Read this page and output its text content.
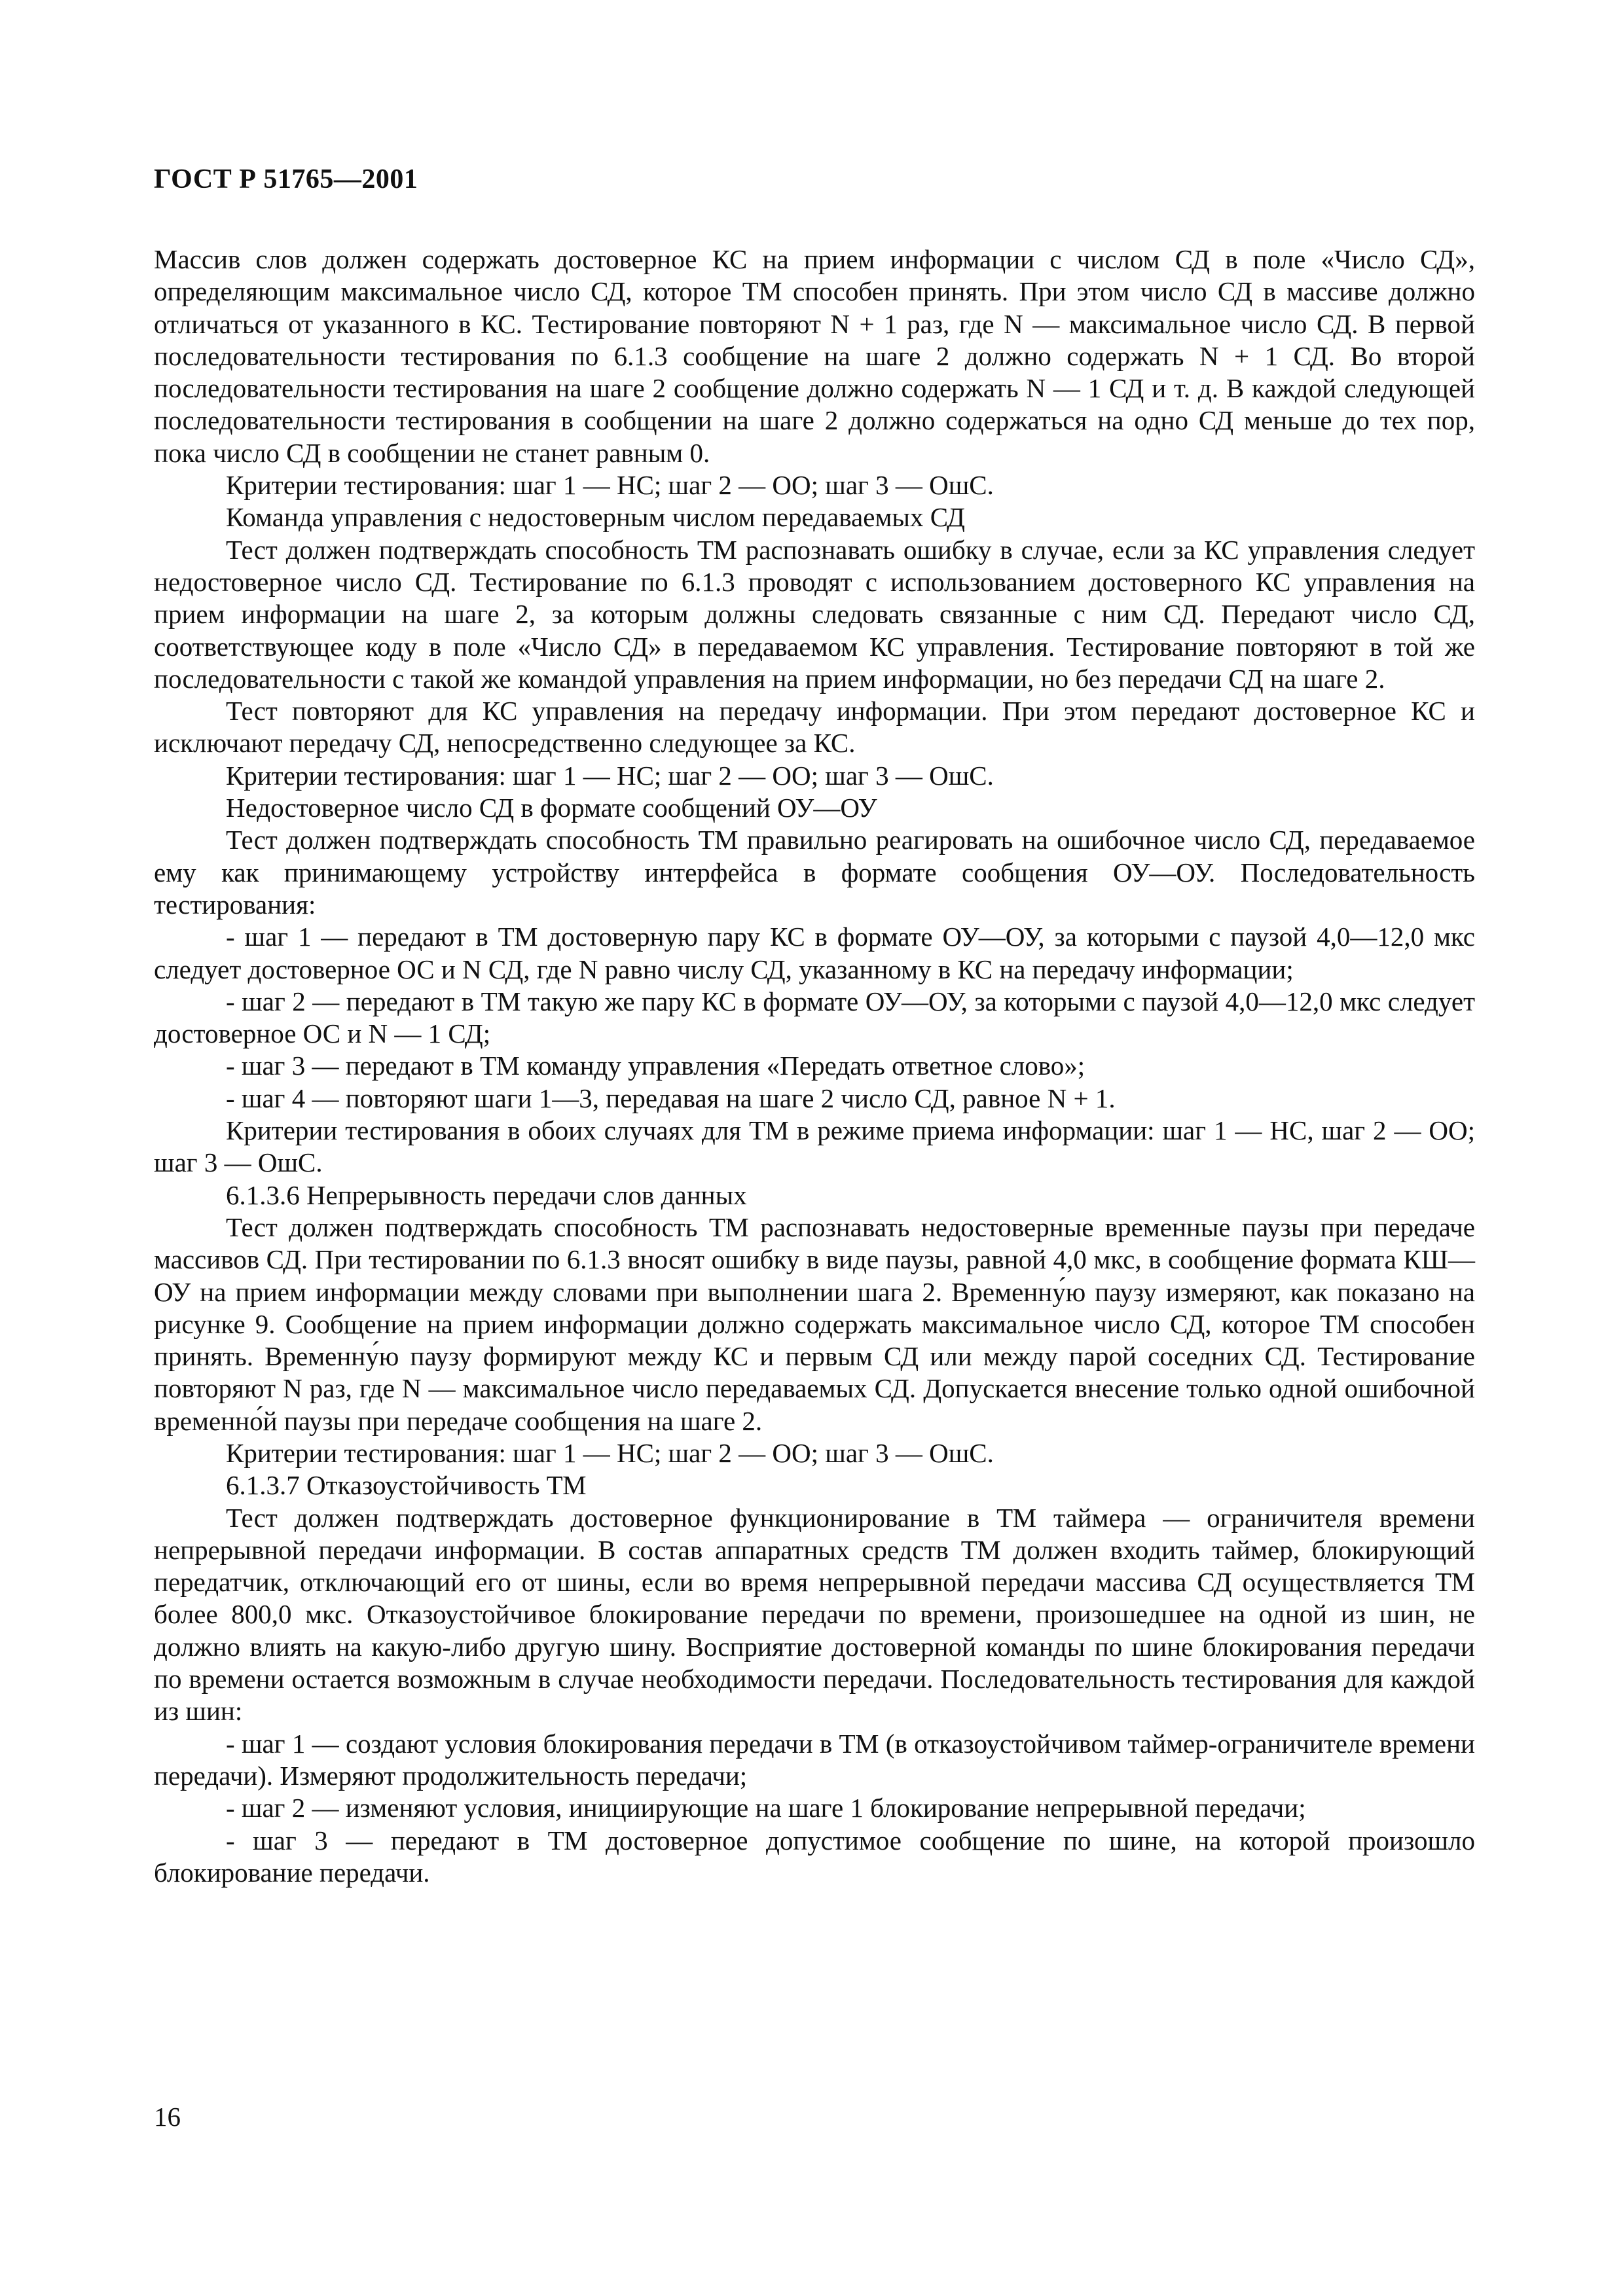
ГОСТ Р 51765—2001

Массив слов должен содержать достоверное КС на прием информации с числом СД в поле «Число СД», определяющим максимальное число СД, которое ТМ способен принять. При этом число СД в массиве должно отличаться от указанного в КС. Тестирование повторяют N + 1 раз, где N — максимальное число СД. В первой последовательности тестирования по 6.1.3 сообщение на шаге 2 должно содержать N + 1 СД. Во второй последовательности тестирования на шаге 2 сообщение должно содержать N — 1 СД и т. д. В каждой следующей последовательности тестирования в сообщении на шаге 2 должно содержаться на одно СД меньше до тех пор, пока число СД в сообщении не станет равным 0.

Критерии тестирования: шаг 1 — НС; шаг 2 — ОО; шаг 3 — ОшС.

Команда управления с недостоверным числом передаваемых СД

Тест должен подтверждать способность ТМ распознавать ошибку в случае, если за КС управления следует недостоверное число СД. Тестирование по 6.1.3 проводят с использованием достоверного КС управления на прием информации на шаге 2, за которым должны следовать связанные с ним СД. Передают число СД, соответствующее коду в поле «Число СД» в передаваемом КС управления. Тестирование повторяют в той же последовательности с такой же командой управления на прием информации, но без передачи СД на шаге 2.

Тест повторяют для КС управления на передачу информации. При этом передают достоверное КС и исключают передачу СД, непосредственно следующее за КС.

Критерии тестирования: шаг 1 — НС; шаг 2 — ОО; шаг 3 — ОшС.

Недостоверное число СД в формате сообщений ОУ—ОУ

Тест должен подтверждать способность ТМ правильно реагировать на ошибочное число СД, передаваемое ему как принимающему устройству интерфейса в формате сообщения ОУ—ОУ. Последовательность тестирования:

- шаг 1 — передают в ТМ достоверную пару КС в формате ОУ—ОУ, за которыми с паузой 4,0—12,0 мкс следует достоверное ОС и N СД, где N равно числу СД, указанному в КС на передачу информации;

- шаг 2 — передают в ТМ такую же пару КС в формате ОУ—ОУ, за которыми с паузой 4,0—12,0 мкс следует достоверное ОС и N — 1 СД;

- шаг 3 — передают в ТМ команду управления «Передать ответное слово»;

- шаг 4 — повторяют шаги 1—3, передавая на шаге 2 число СД, равное N + 1.

Критерии тестирования в обоих случаях для ТМ в режиме приема информации: шаг 1 — НС, шаг 2 — ОО; шаг 3 — ОшС.

6.1.3.6 Непрерывность передачи слов данных

Тест должен подтверждать способность ТМ распознавать недостоверные временные паузы при передаче массивов СД. При тестировании по 6.1.3 вносят ошибку в виде паузы, равной 4,0 мкс, в сообщение формата КШ—ОУ на прием информации между словами при выполнении шага 2. Временну́ю паузу измеряют, как показано на рисунке 9. Сообщение на прием информации должно содержать максимальное число СД, которое ТМ способен принять. Временну́ю паузу формируют между КС и первым СД или между парой соседних СД. Тестирование повторяют N раз, где N — максимальное число передаваемых СД. Допускается внесение только одной ошибочной временно́й паузы при передаче сообщения на шаге 2.

Критерии тестирования: шаг 1 — НС; шаг 2 — ОО; шаг 3 — ОшС.

6.1.3.7 Отказоустойчивость ТМ

Тест должен подтверждать достоверное функционирование в ТМ таймера — ограничителя времени непрерывной передачи информации. В состав аппаратных средств ТМ должен входить таймер, блокирующий передатчик, отключающий его от шины, если во время непрерывной передачи массива СД осуществляется ТМ более 800,0 мкс. Отказоустойчивое блокирование передачи по времени, произошедшее на одной из шин, не должно влиять на какую-либо другую шину. Восприятие достоверной команды по шине блокирования передачи по времени остается возможным в случае необходимости передачи. Последовательность тестирования для каждой из шин:

- шаг 1 — создают условия блокирования передачи в ТМ (в отказоустойчивом таймер-ограничителе времени передачи). Измеряют продолжительность передачи;

- шаг 2 — изменяют условия, инициирующие на шаге 1 блокирование непрерывной передачи;

- шаг 3 — передают в ТМ достоверное допустимое сообщение по шине, на которой произошло блокирование передачи.

16
